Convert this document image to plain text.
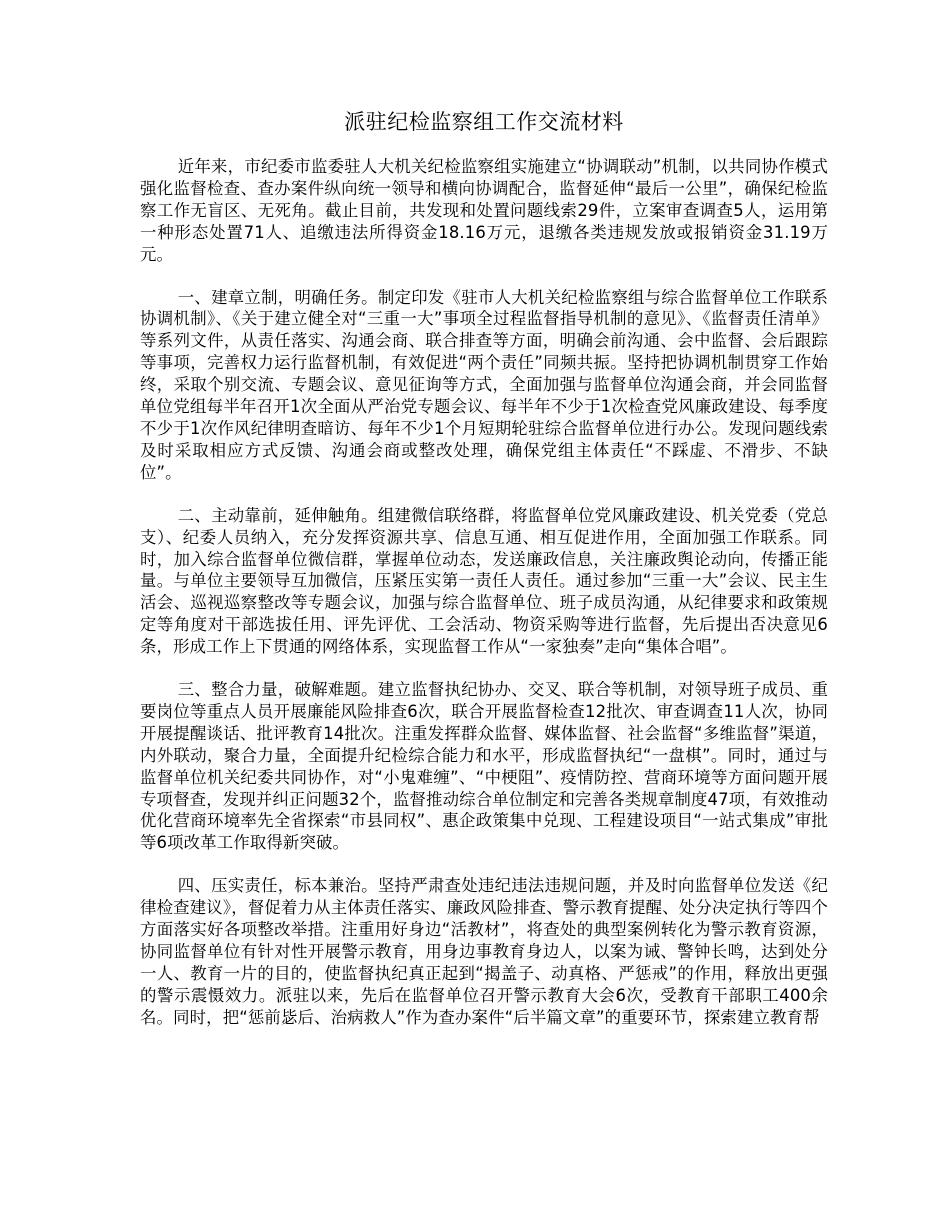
派驻纪检监察组工作交流材料

近年来，市纪委市监委驻人大机关纪检监察组实施建立“协调联动”机制，以共同协作模式强化监督检查、查办案件纵向统一领导和横向协调配合，监督延伸“最后一公里”，确保纪检监察工作无盲区、无死角。截止目前，共发现和处置问题线索29件，立案审查调查5人，运用第一种形态处置71人、追缴违法所得资金18.16万元，退缴各类违规发放或报销资金31.19万元。

一、建章立制，明确任务。制定印发《驻市人大机关纪检监察组与综合监督单位工作联系协调机制》、《关于建立健全对“三重一大”事项全过程监督指导机制的意见》、《监督责任清单》等系列文件，从责任落实、沟通会商、联合排查等方面，明确会前沟通、会中监督、会后跟踪等事项，完善权力运行监督机制，有效促进“两个责任”同频共振。坚持把协调机制贯穿工作始终，采取个别交流、专题会议、意见征询等方式，全面加强与监督单位沟通会商，并会同监督单位党组每半年召开1次全面从严治党专题会议、每半年不少于1次检查党风廉政建设、每季度不少于1次作风纪律明查暗访、每年不少1个月短期轮驻综合监督单位进行办公。发现问题线索及时采取相应方式反馈、沟通会商或整改处理，确保党组主体责任“不踩虚、不滑步、不缺位”。

二、主动靠前，延伸触角。组建微信联络群，将监督单位党风廉政建设、机关党委（党总支）、纪委人员纳入，充分发挥资源共享、信息互通、相互促进作用，全面加强工作联系。同时，加入综合监督单位微信群，掌握单位动态，发送廉政信息，关注廉政舆论动向，传播正能量。与单位主要领导互加微信，压紧压实第一责任人责任。通过参加“三重一大”会议、民主生活会、巡视巡察整改等专题会议，加强与综合监督单位、班子成员沟通，从纪律要求和政策规定等角度对干部选拔任用、评先评优、工会活动、物资采购等进行监督，先后提出否决意见6条，形成工作上下贯通的网络体系，实现监督工作从“一家独奏”走向“集体合唱”。

三、整合力量，破解难题。建立监督执纪协办、交叉、联合等机制，对领导班子成员、重要岗位等重点人员开展廉能风险排查6次，联合开展监督检查12批次、审查调查11人次，协同开展提醒谈话、批评教育14批次。注重发挥群众监督、媒体监督、社会监督“多维监督”渠道，内外联动，聚合力量，全面提升纪检综合能力和水平，形成监督执纪“一盘棋”。同时，通过与监督单位机关纪委共同协作，对“小鬼难缠”、“中梗阻”、疫情防控、营商环境等方面问题开展专项督查，发现并纠正问题32个，监督推动综合单位制定和完善各类规章制度47项，有效推动优化营商环境率先全省探索“市县同权”、惠企政策集中兑现、工程建设项目“一站式集成”审批等6项改革工作取得新突破。

四、压实责任，标本兼治。坚持严肃查处违纪违法违规问题，并及时向监督单位发送《纪律检查建议》，督促着力从主体责任落实、廉政风险排查、警示教育提醒、处分决定执行等四个方面落实好各项整改举措。注重用好身边“活教材”，将查处的典型案例转化为警示教育资源，协同监督单位有针对性开展警示教育，用身边事教育身边人，以案为诫、警钟长鸣，达到处分一人、教育一片的目的，使监督执纪真正起到“揭盖子、动真格、严惩戒”的作用，释放出更强的警示震慑效力。派驻以来，先后在监督单位召开警示教育大会6次，受教育干部职工400余名。同时，把“惩前毖后、治病救人”作为查办案件“后半篇文章”的重要环节，探索建立教育帮
